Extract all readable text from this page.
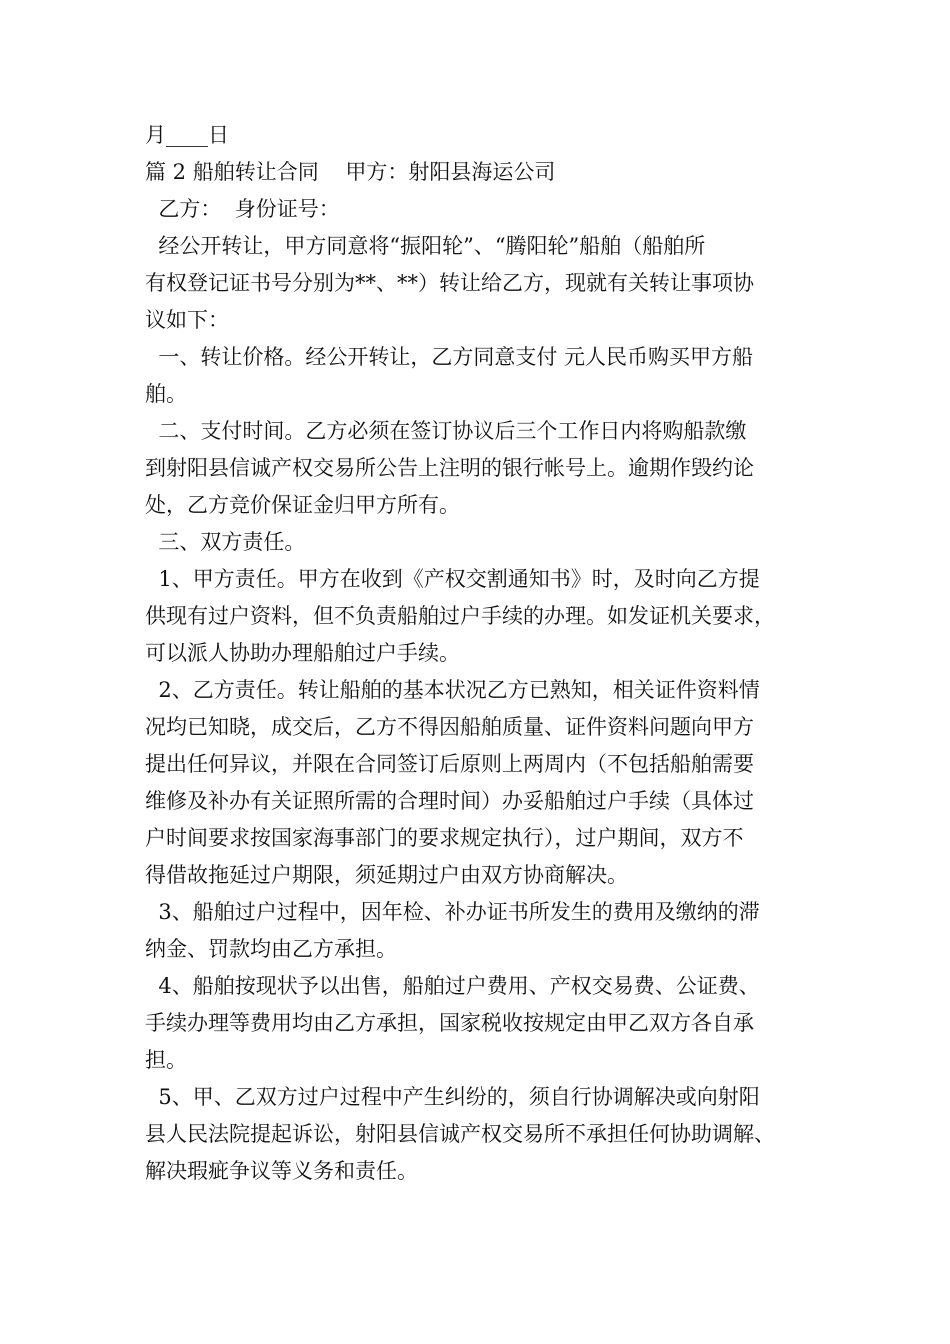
月____日

篇 2 船舶转让合同    甲方：射阳县海运公司

乙方：  身份证号：

经公开转让，甲方同意将“振阳轮”、“腾阳轮”船舶（船舶所

有权登记证书号分别为**、**）转让给乙方，现就有关转让事项协

议如下：

一、转让价格。经公开转让，乙方同意支付 元人民币购买甲方船

舶。

二、支付时间。乙方必须在签订协议后三个工作日内将购船款缴

到射阳县信诚产权交易所公告上注明的银行帐号上。逾期作毁约论

处，乙方竞价保证金归甲方所有。

三、双方责任。

1、甲方责任。甲方在收到《产权交割通知书》时，及时向乙方提

供现有过户资料，但不负责船舶过户手续的办理。如发证机关要求，

可以派人协助办理船舶过户手续。

2、乙方责任。转让船舶的基本状况乙方已熟知，相关证件资料情

况均已知晓，成交后，乙方不得因船舶质量、证件资料问题向甲方

提出任何异议，并限在合同签订后原则上两周内（不包括船舶需要

维修及补办有关证照所需的合理时间）办妥船舶过户手续（具体过

户时间要求按国家海事部门的要求规定执行），过户期间，双方不

得借故拖延过户期限，须延期过户由双方协商解决。

3、船舶过户过程中，因年检、补办证书所发生的费用及缴纳的滞

纳金、罚款均由乙方承担。

4、船舶按现状予以出售，船舶过户费用、产权交易费、公证费、

手续办理等费用均由乙方承担，国家税收按规定由甲乙双方各自承

担。

5、甲、乙双方过户过程中产生纠纷的，须自行协调解决或向射阳

县人民法院提起诉讼，射阳县信诚产权交易所不承担任何协助调解、

解决瑕疵争议等义务和责任。
